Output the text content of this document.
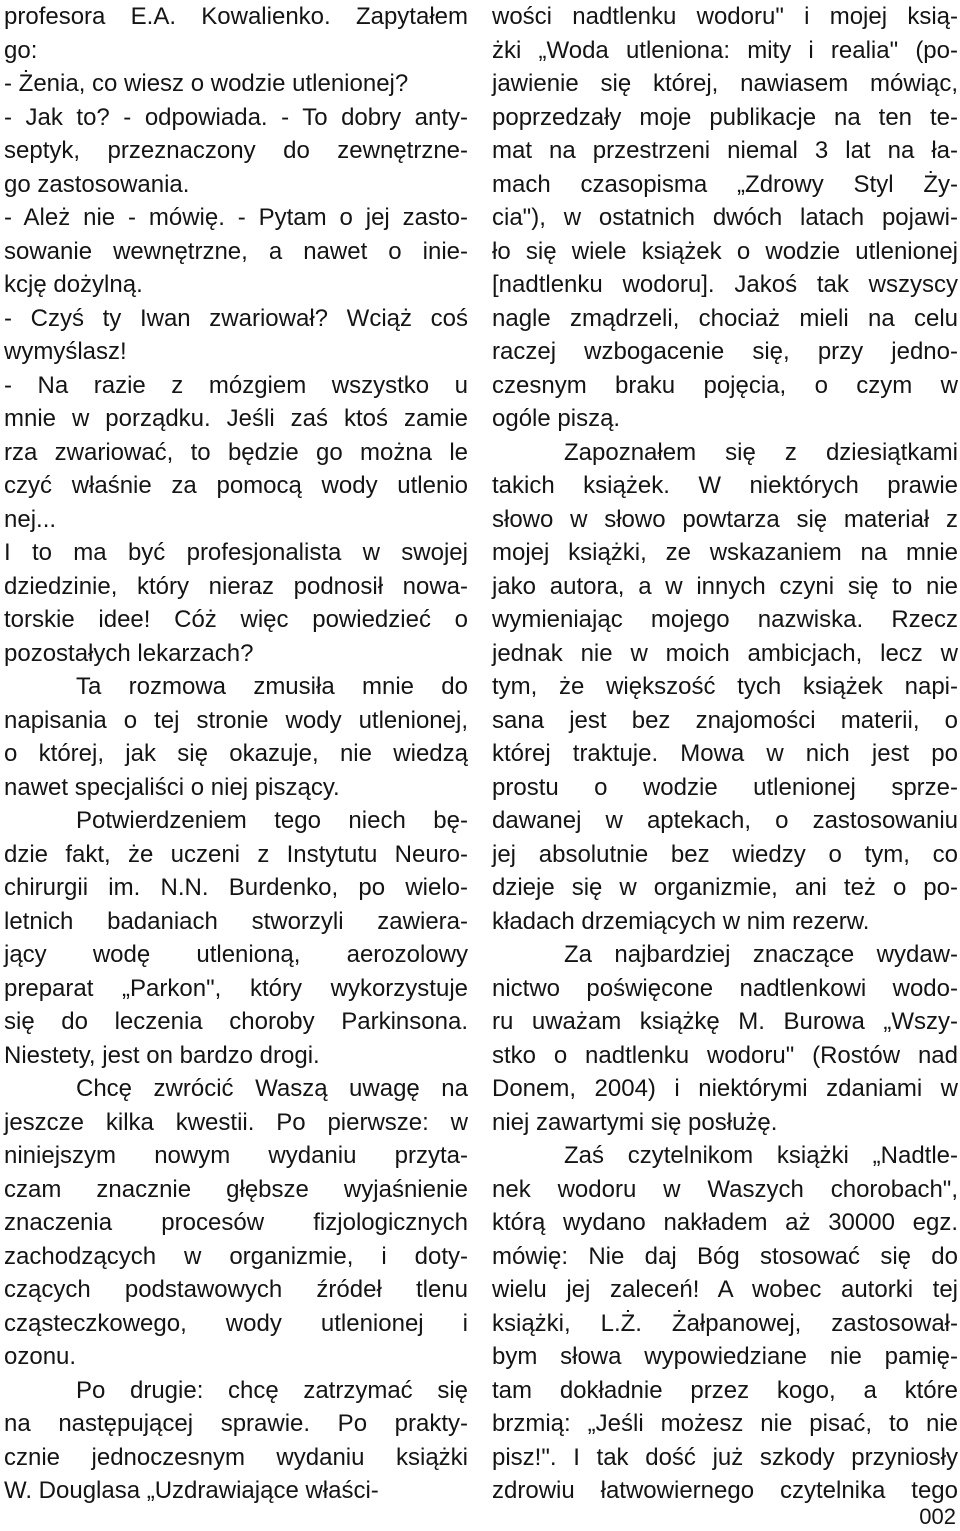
profesora E.A. Kowalienko. Zapytałem
go:
- Żenia, co wiesz o wodzie utlenionej?
- Jak to? - odpowiada. - To dobry anty-
septyk, przeznaczony do zewnętrzne-
go zastosowania.
- Ależ nie - mówię. - Pytam o jej zasto-
sowanie wewnętrzne, a nawet o inie-
kcję dożylną.
- Czyś ty Iwan zwariował? Wciąż coś
wymyślasz!
- Na razie z mózgiem wszystko u
mnie w porządku. Jeśli zaś ktoś zamie
rza zwariować, to będzie go można le
czyć właśnie za pomocą wody utlenio
nej...
I to ma być profesjonalista w swojej
dziedzinie, który nieraz podnosił nowa-
torskie idee! Cóż więc powiedzieć o
pozostałych lekarzach?
Ta rozmowa zmusiła mnie do
napisania o tej stronie wody utlenionej,
o której, jak się okazuje, nie wiedzą
nawet specjaliści o niej piszący.
Potwierdzeniem tego niech bę-
dzie fakt, że uczeni z Instytutu Neuro-
chirurgii im. N.N. Burdenko, po wielo-
letnich badaniach stworzyli zawiera-
jący wodę utlenioną, aerozolowy
preparat „Parkon", który wykorzystuje
się do leczenia choroby Parkinsona.
Niestety, jest on bardzo drogi.
Chcę zwrócić Waszą uwagę na
jeszcze kilka kwestii. Po pierwsze: w
niniejszym nowym wydaniu przyta-
czam znacznie głębsze wyjaśnienie
znaczenia procesów fizjologicznych
zachodzących w organizmie, i doty-
czących podstawowych źródeł tlenu
cząsteczkowego, wody utlenionej i
ozonu.
Po drugie: chcę zatrzymać się
na następującej sprawie. Po prakty-
cznie jednoczesnym wydaniu książki
W. Douglasa „Uzdrawiające właści-
wości nadtlenku wodoru" i mojej ksią-
żki „Woda utleniona: mity i realia" (po-
jawienie się której, nawiasem mówiąc,
poprzedzały moje publikacje na ten te-
mat na przestrzeni niemal 3 lat na ła-
mach czasopisma „Zdrowy Styl Ży-
cia"), w ostatnich dwóch latach pojawi-
ło się wiele książek o wodzie utlenionej
[nadtlenku wodoru]. Jakoś tak wszyscy
nagle zmądrzeli, chociaż mieli na celu
raczej wzbogacenie się, przy jedno-
czesnym braku pojęcia, o czym w
ogóle piszą.
Zapoznałem się z dziesiątkami
takich książek. W niektórych prawie
słowo w słowo powtarza się materiał z
mojej książki, ze wskazaniem na mnie
jako autora, a w innych czyni się to nie
wymieniając mojego nazwiska. Rzecz
jednak nie w moich ambicjach, lecz w
tym, że większość tych książek napi-
sana jest bez znajomości materii, o
której traktuje. Mowa w nich jest po
prostu o wodzie utlenionej sprze-
dawanej w aptekach, o zastosowaniu
jej absolutnie bez wiedzy o tym, co
dzieje się w organizmie, ani też o po-
kładach drzemiących w nim rezerw.
Za najbardziej znaczące wydaw-
nictwo poświęcone nadtlenkowi wodo-
ru uważam książkę M. Burowa „Wszy-
stko o nadtlenku wodoru" (Rostów nad
Donem, 2004) i niektórymi zdaniami w
niej zawartymi się posłużę.
Zaś czytelnikom książki „Nadtle-
nek wodoru w Waszych chorobach",
którą wydano nakładem aż 30000 egz.
mówię: Nie daj Bóg stosować się do
wielu jej zaleceń! A wobec autorki tej
książki, L.Ż. Żałpanowej, zastosował-
bym słowa wypowiedziane nie pamię-
tam dokładnie przez kogo, a które
brzmią: „Jeśli możesz nie pisać, to nie
pisz!". I tak dość już szkody przyniosły
zdrowiu łatwowiernego czytelnika tego
002
